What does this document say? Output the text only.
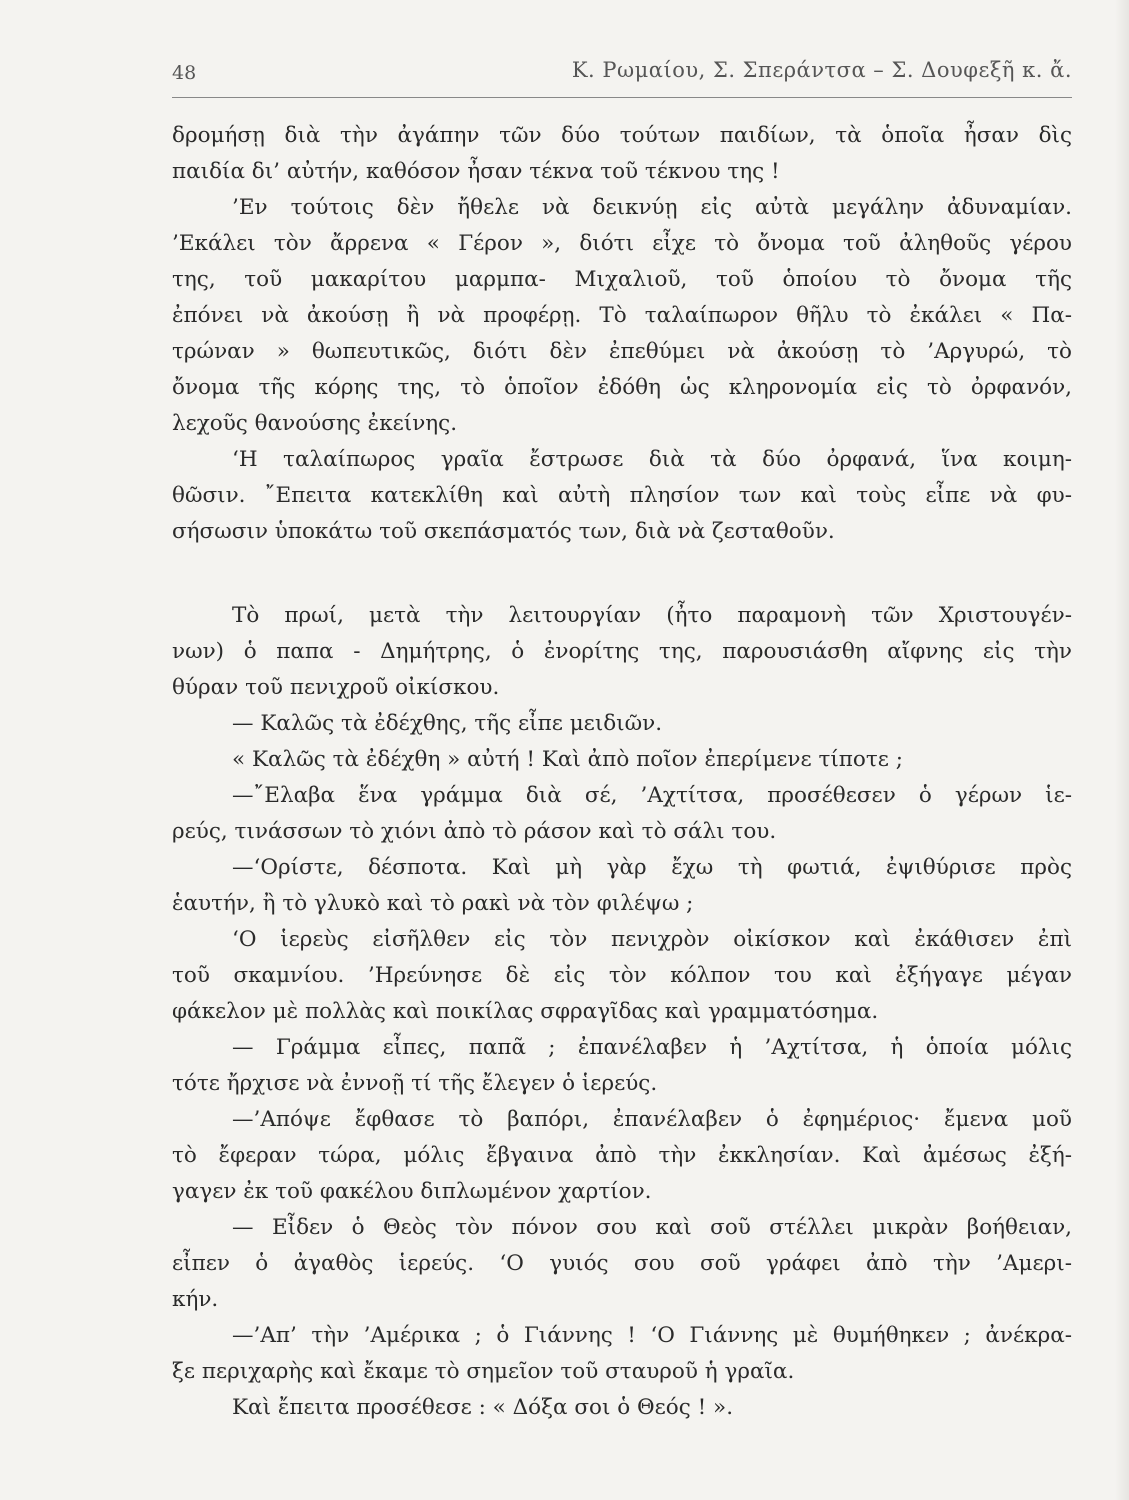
48	Κ. Ρωμαίου, Σ. Σπεράντσα – Σ. Δουφεξῆ κ. ἄ.
δρομήσῃ διὰ τὴν ἀγάπην τῶν δύο τούτων παιδίων, τὰ ὁποῖα ἦσαν δὶς
παιδία δι’ αὐτήν, καθόσον ἦσαν τέκνα τοῦ τέκνου της !
’Εν τούτοις δὲν ἤθελε νὰ δεικνύῃ εἰς αὐτὰ μεγάλην ἀδυναμίαν.
’Εκάλει τὸν ἄρρενα « Γέρον », διότι εἶχε τὸ ὄνομα τοῦ ἀληθοῦς γέρου
της, τοῦ μακαρίτου μαρμπα- Μιχαλιοῦ, τοῦ ὁποίου τὸ ὄνομα τῆς
ἐπόνει νὰ ἀκούσῃ ἢ νὰ προφέρῃ. Τὸ ταλαίπωρον θῆλυ τὸ ἐκάλει « Πα-
τρώναν » θωπευτικῶς, διότι δὲν ἐπεθύμει νὰ ἀκούσῃ τὸ ’Αργυρώ, τὸ
ὄνομα τῆς κόρης της, τὸ ὁποῖον ἐδόθη ὡς κληρονομία εἰς τὸ ὀρφανόν,
λεχοῦς θανούσης ἐκείνης.
‘Η ταλαίπωρος γραῖα ἔστρωσε διὰ τὰ δύο ὀρφανά, ἵνα κοιμη-
θῶσιν. ῎Επειτα κατεκλίθη καὶ αὐτὴ πλησίον των καὶ τοὺς εἶπε νὰ φυ-
σήσωσιν ὑποκάτω τοῦ σκεπάσματός των, διὰ νὰ ζεσταθοῦν.
Τὸ πρωί, μετὰ τὴν λειτουργίαν (ἦτο παραμονὴ τῶν Χριστουγέν-
νων) ὁ παπα - Δημήτρης, ὁ ἐνορίτης της, παρουσιάσθη αἴφνης εἰς τὴν
θύραν τοῦ πενιχροῦ οἰκίσκου.
— Καλῶς τὰ ἐδέχθης, τῆς εἶπε μειδιῶν.
« Καλῶς τὰ ἐδέχθη » αὐτή ! Καὶ ἀπὸ ποῖον ἐπερίμενε τίποτε ;
—῎Ελαβα ἕνα γράμμα διὰ σέ, ’Αχτίτσα, προσέθεσεν ὁ γέρων ἱε-
ρεύς, τινάσσων τὸ χιόνι ἀπὸ τὸ ράσον καὶ τὸ σάλι του.
—‘Ορίστε, δέσποτα. Καὶ μὴ γὰρ ἔχω τὴ φωτιά, ἐψιθύρισε πρὸς
ἑαυτήν, ἢ τὸ γλυκὸ καὶ τὸ ρακὶ νὰ τὸν φιλέψω ;
‘Ο ἱερεὺς εἰσῆλθεν εἰς τὸν πενιχρὸν οἰκίσκον καὶ ἐκάθισεν ἐπὶ
τοῦ σκαμνίου. ’Ηρεύνησε δὲ εἰς τὸν κόλπον του καὶ ἐξήγαγε μέγαν
φάκελον μὲ πολλὰς καὶ ποικίλας σφραγῖδας καὶ γραμματόσημα.
— Γράμμα εἶπες, παπᾶ ; ἐπανέλαβεν ἡ ’Αχτίτσα, ἡ ὁποία μόλις
τότε ἤρχισε νὰ ἐννοῇ τί τῆς ἔλεγεν ὁ ἱερεύς.
—’Απόψε ἔφθασε τὸ βαπόρι, ἐπανέλαβεν ὁ ἐφημέριος· ἔμενα μοῦ
τὸ ἔφεραν τώρα, μόλις ἔβγαινα ἀπὸ τὴν ἐκκλησίαν. Καὶ ἀμέσως ἐξή-
γαγεν ἐκ τοῦ φακέλου διπλωμένον χαρτίον.
— Εἶδεν ὁ Θεὸς τὸν πόνον σου καὶ σοῦ στέλλει μικρὰν βοήθειαν,
εἶπεν ὁ ἀγαθὸς ἱερεύς. ‘Ο γυιός σου σοῦ γράφει ἀπὸ τὴν ’Αμερι-
κήν.
—’Απ’ τὴν ’Αμέρικα ; ὁ Γιάννης ! ‘Ο Γιάννης μὲ θυμήθηκεν ; ἀνέκρα-
ξε περιχαρὴς καὶ ἔκαμε τὸ σημεῖον τοῦ σταυροῦ ἡ γραῖα.
Καὶ ἔπειτα προσέθεσε : « Δόξα σοι ὁ Θεός ! ».
